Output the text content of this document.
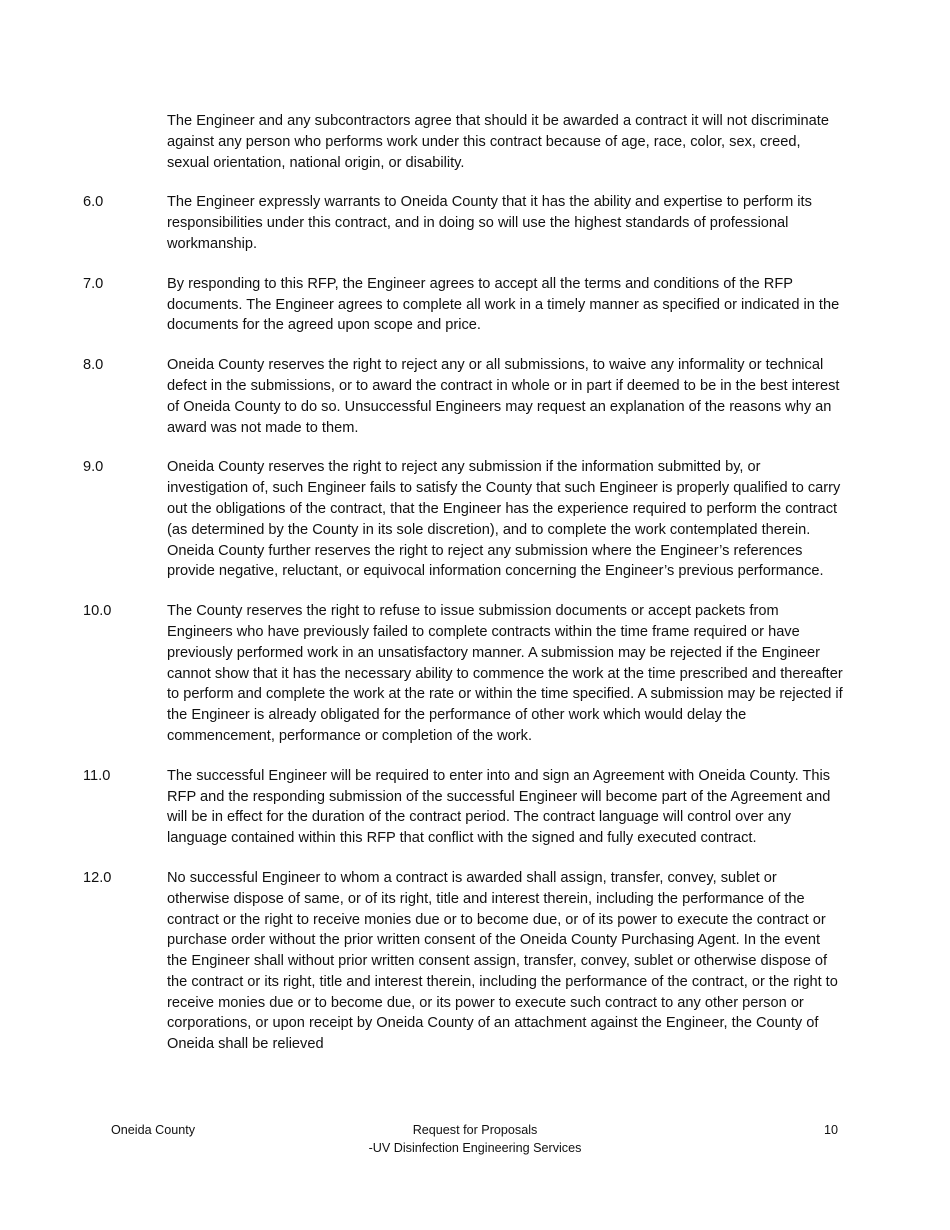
The Engineer and any subcontractors agree that should it be awarded a contract it will not discriminate against any person who performs work under this contract because of age, race, color, sex, creed, sexual orientation, national origin, or disability.

6.0	The Engineer expressly warrants to Oneida County that it has the ability and expertise to perform its responsibilities under this contract, and in doing so will use the highest standards of professional workmanship.

7.0	By responding to this RFP, the Engineer agrees to accept all the terms and conditions of the RFP documents. The Engineer agrees to complete all work in a timely manner as specified or indicated in the documents for the agreed upon scope and price.

8.0	Oneida County reserves the right to reject any or all submissions, to waive any informality or technical defect in the submissions, or to award the contract in whole or in part if deemed to be in the best interest of Oneida County to do so. Unsuccessful Engineers may request an explanation of the reasons why an award was not made to them.

9.0	Oneida County reserves the right to reject any submission if the information submitted by, or investigation of, such Engineer fails to satisfy the County that such Engineer is properly qualified to carry out the obligations of the contract, that the Engineer has the experience required to perform the contract (as determined by the County in its sole discretion), and to complete the work contemplated therein. Oneida County further reserves the right to reject any submission where the Engineer’s references provide negative, reluctant, or equivocal information concerning the Engineer’s previous performance.

10.0	The County reserves the right to refuse to issue submission documents or accept packets from Engineers who have previously failed to complete contracts within the time frame required or have previously performed work in an unsatisfactory manner. A submission may be rejected if the Engineer cannot show that it has the necessary ability to commence the work at the time prescribed and thereafter to perform and complete the work at the rate or within the time specified. A submission may be rejected if the Engineer is already obligated for the performance of other work which would delay the commencement, performance or completion of the work.

11.0	The successful Engineer will be required to enter into and sign an Agreement with Oneida County. This RFP and the responding submission of the successful Engineer will become part of the Agreement and will be in effect for the duration of the contract period. The contract language will control over any language contained within this RFP that conflict with the signed and fully executed contract.

12.0	No successful Engineer to whom a contract is awarded shall assign, transfer, convey, sublet or otherwise dispose of same, or of its right, title and interest therein, including the performance of the contract or the right to receive monies due or to become due, or of its power to execute the contract or purchase order without the prior written consent of the Oneida County Purchasing Agent. In the event the Engineer shall without prior written consent assign, transfer, convey, sublet or otherwise dispose of the contract or its right, title and interest therein, including the performance of the contract, or the right to receive monies due or to become due, or its power to execute such contract to any other person or corporations, or upon receipt by Oneida County of an attachment against the Engineer, the County of Oneida shall be relieved

Oneida County	Request for Proposals
-UV Disinfection Engineering Services
10
